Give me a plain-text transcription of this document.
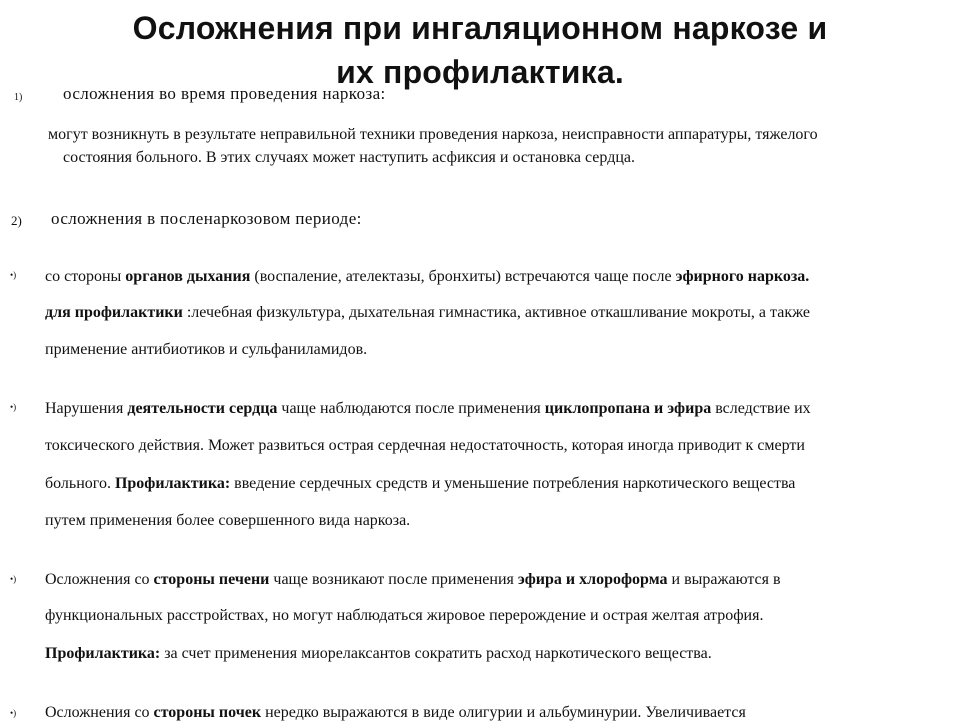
Осложнения при ингаляционном наркозе и
их профилактика.
1) осложнения во время проведения наркоза:
могут возникнуть в результате неправильной техники проведения наркоза, неисправности аппаратуры, тяжелого
состояния больного. В этих случаях может наступить асфиксия и остановка сердца.
2) осложнения в посленаркозовом периоде:
•) со стороны органов дыхания (воспаление, ателектазы, бронхиты) встречаются чаще после эфирного наркоза.
для профилактики :лечебная физкультура, дыхательная гимнастика, активное откашливание мокроты, а также
применение антибиотиков и сульфаниламидов.
•) Нарушения деятельности сердца чаще наблюдаются после применения циклопропана и эфира вследствие их
токсического действия. Может развиться острая сердечная недостаточность, которая иногда приводит к смерти
больного. Профилактика: введение сердечных средств и уменьшение потребления наркотического вещества
путем применения более совершенного вида наркоза.
•) Осложнения со стороны печени чаще возникают после применения эфира и хлороформа и выражаются в
функциональных расстройствах, но могут наблюдаться жировое перерождение и острая желтая атрофия.
Профилактика: за счет применения миорелаксантов сократить расход наркотического вещества.
•) Осложнения со стороны почек нередко выражаются в виде олигурии и альбуминурии. Увеличивается
